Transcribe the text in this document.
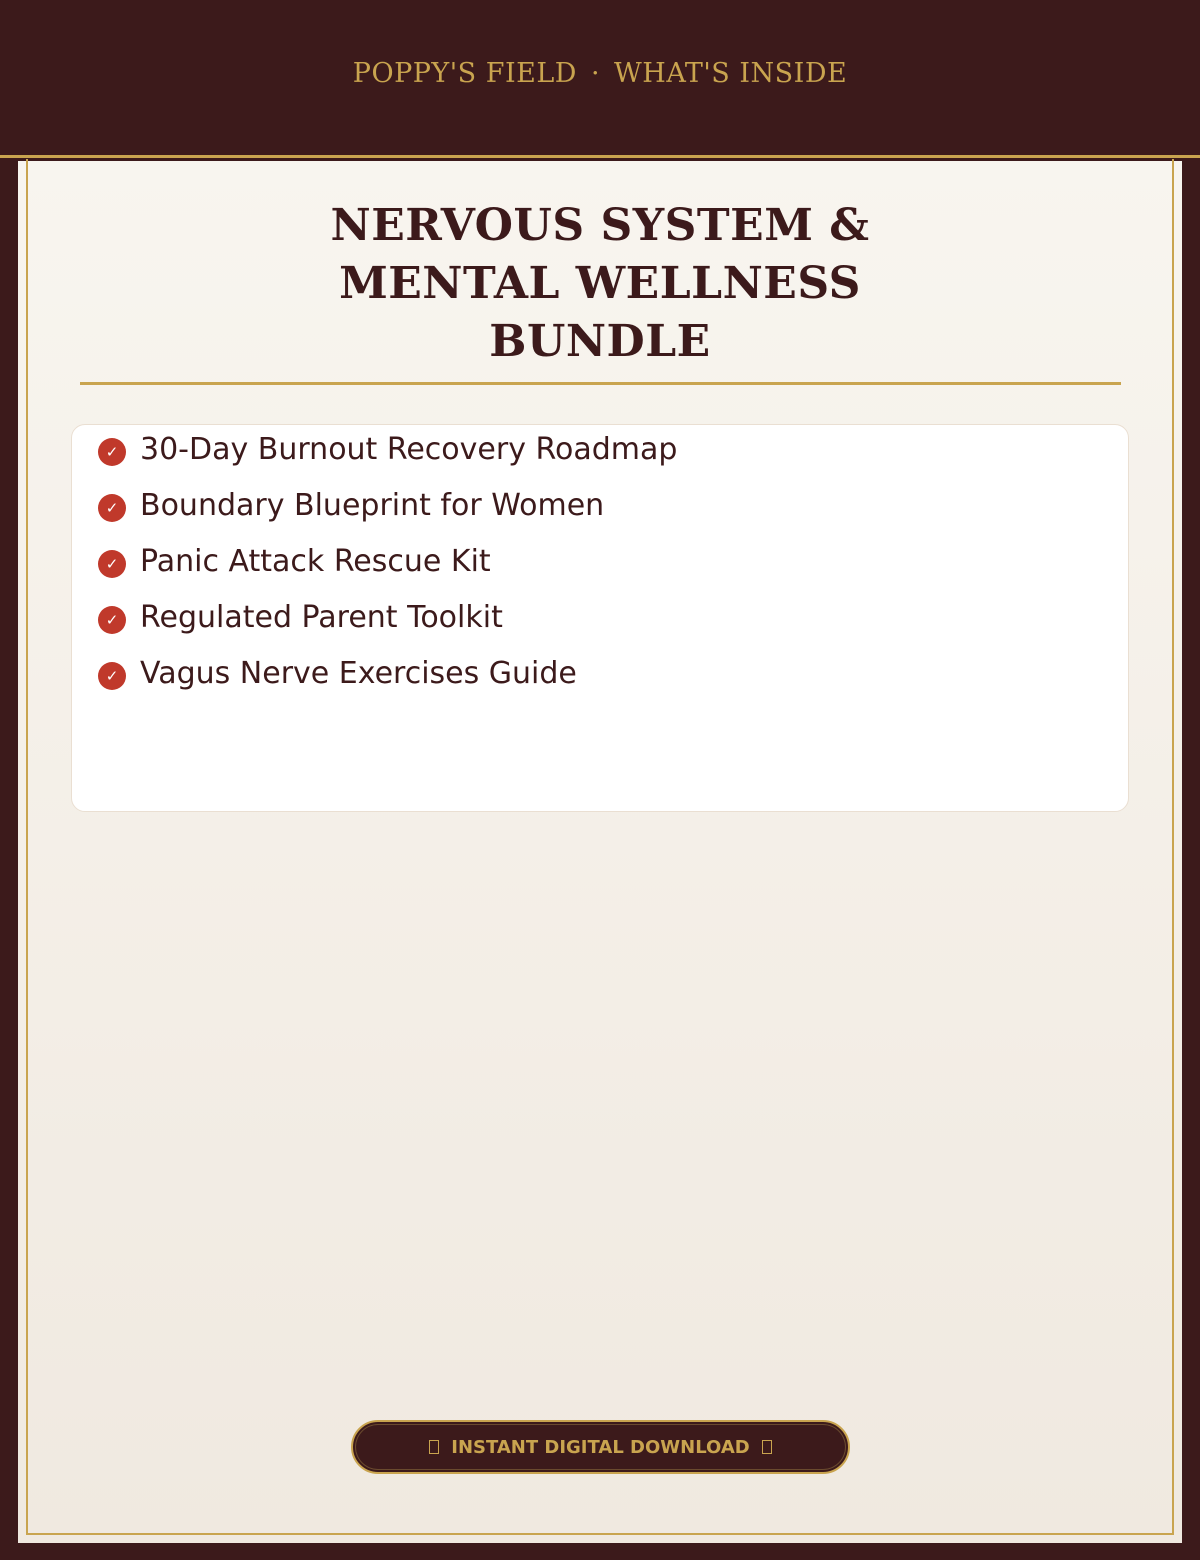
POPPY'S FIELD · WHAT'S INSIDE
NERVOUS SYSTEM &
MENTAL WELLNESS
BUNDLE
✓ 30-Day Burnout Recovery Roadmap
✓ Boundary Blueprint for Women
✓ Panic Attack Rescue Kit
✓ Regulated Parent Toolkit
✓ Vagus Nerve Exercises Guide
INSTANT DIGITAL DOWNLOAD
